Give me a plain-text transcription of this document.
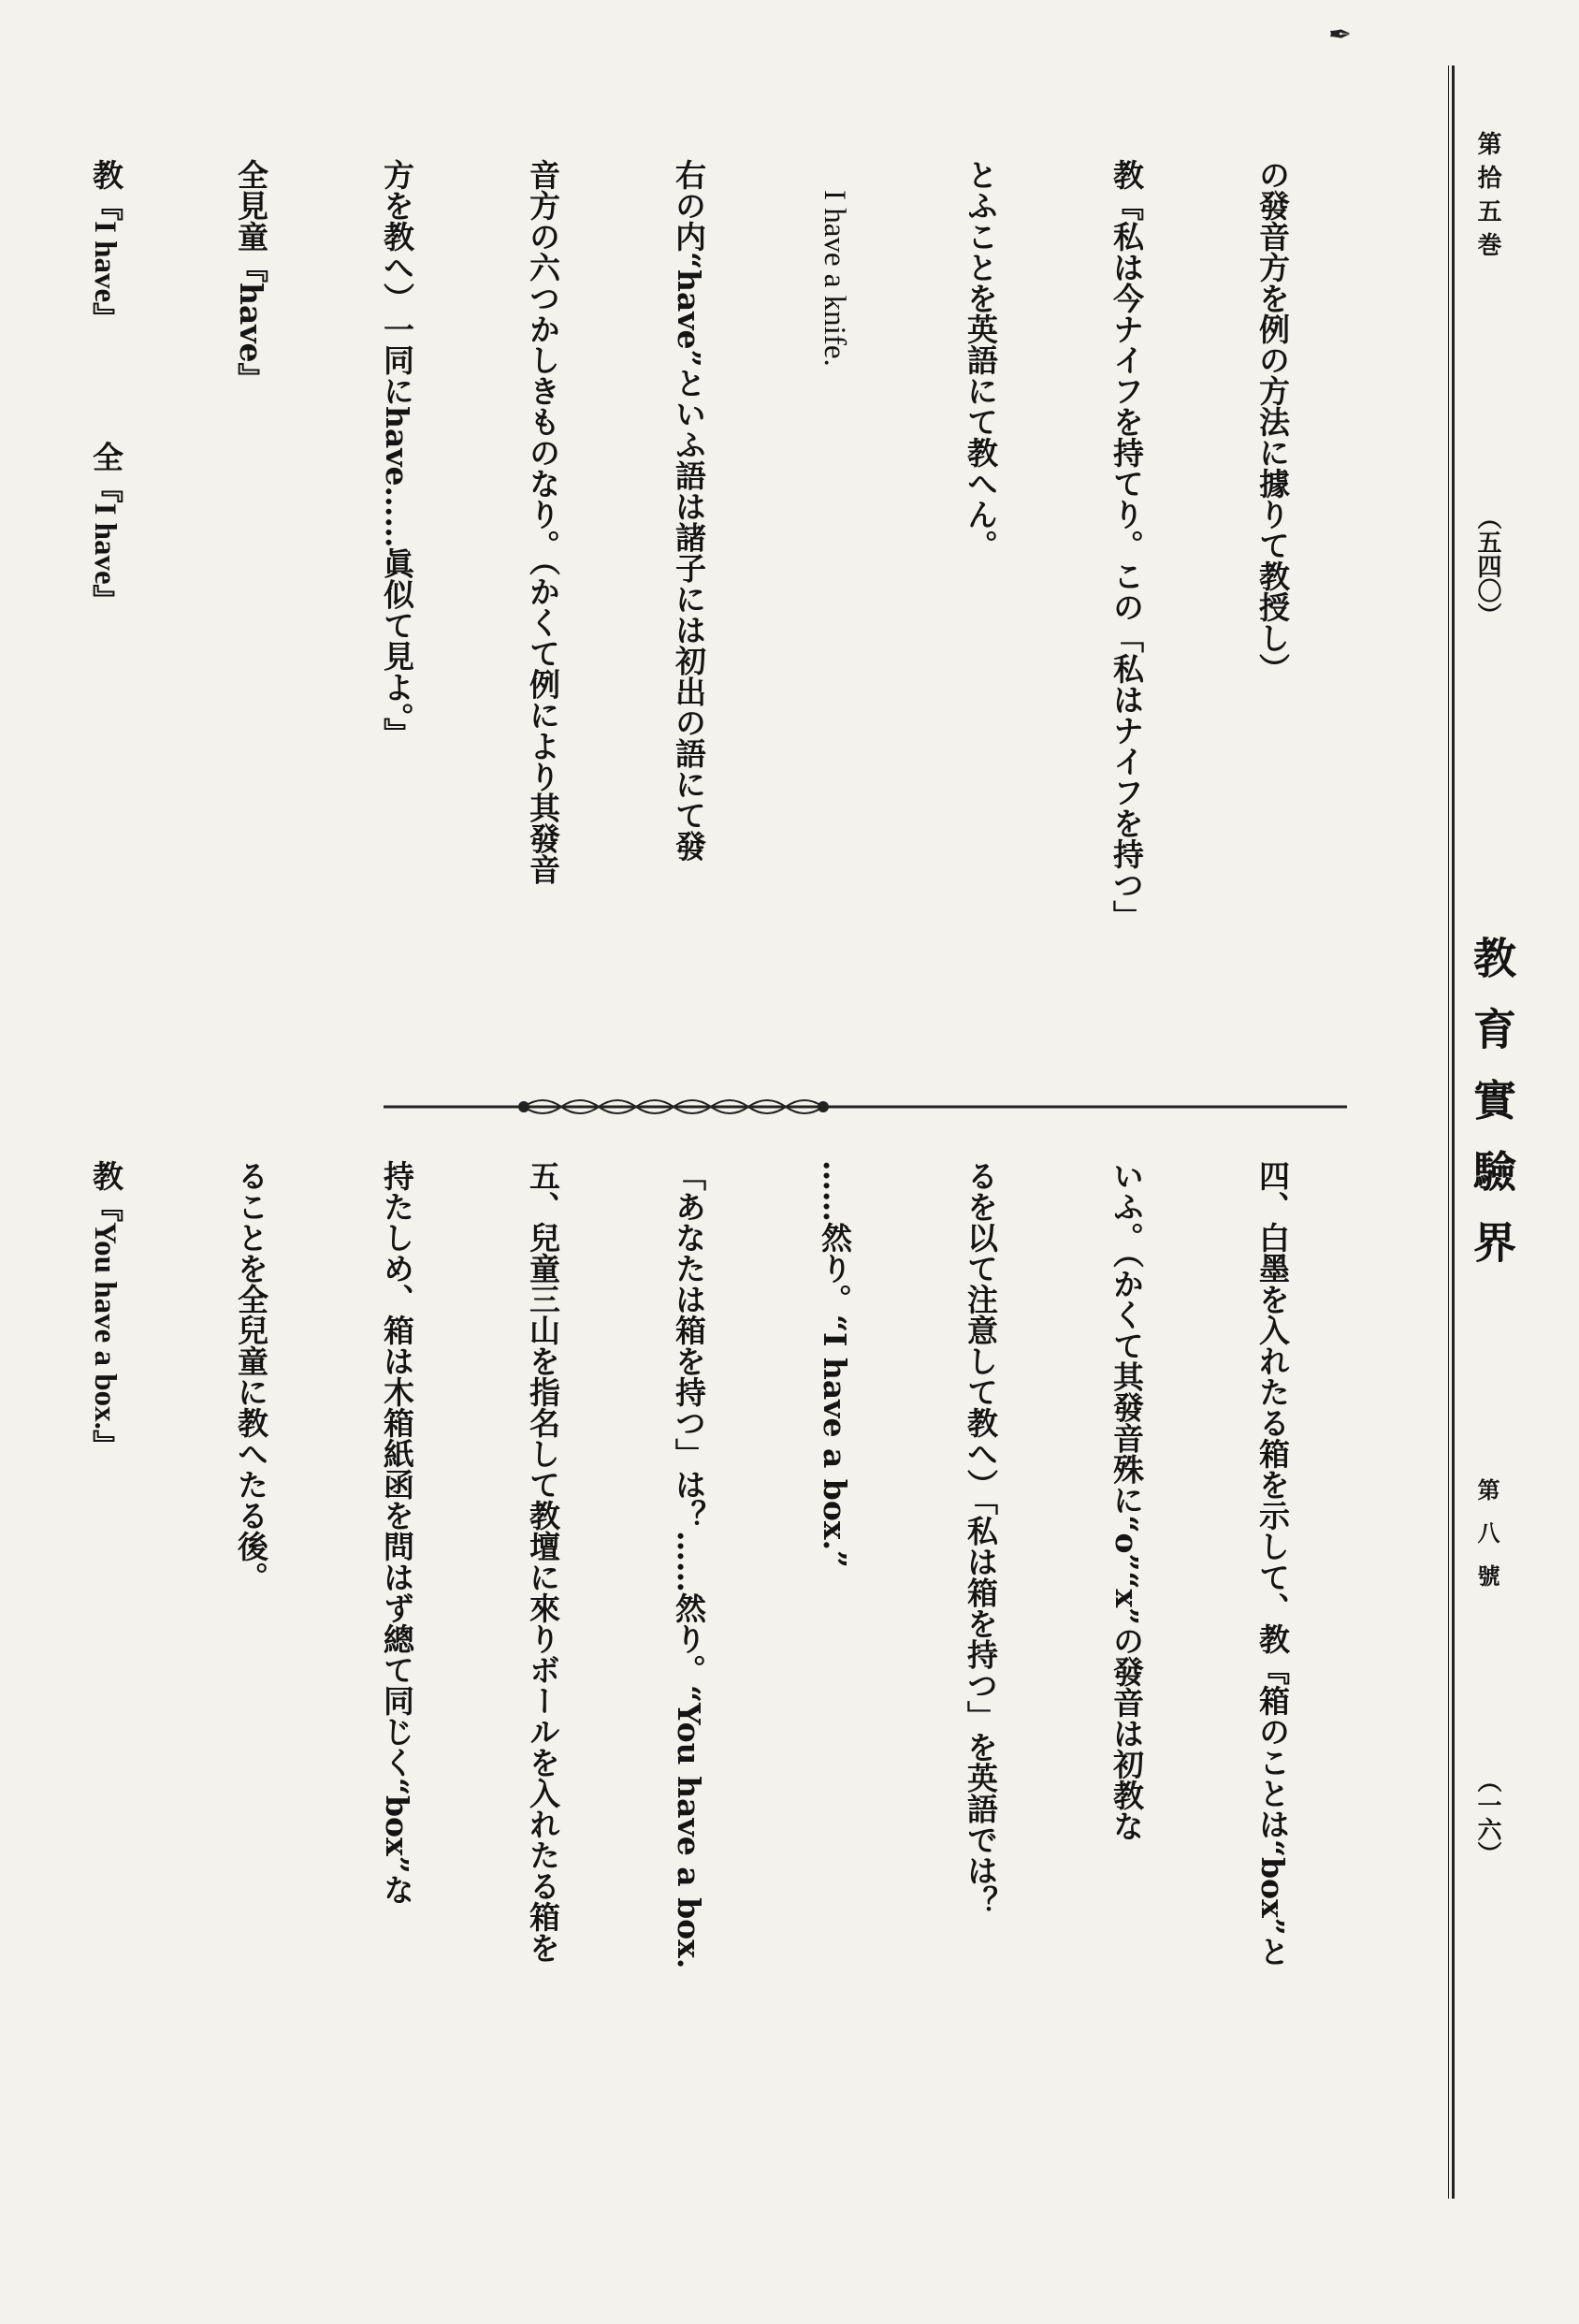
第拾五巻
（五四〇）
教育實驗界
第八號
（一六）

の發音方を例の方法に據りて教授し）

教『私は今ナイフを持てり。この「私はナイフを持つ」

とふことを英語にて教へん。

　I have a knife.

右の内“have”といふ語は諸子には初出の語にて發

音方の六つかしきものなり。（かくて例により其發音

方を教へ）一同にhave……眞似て見よ。』

全見童『have』

教『I have』　　　　全『I have』

四、白墨を入れたる箱を示して、教『箱のことは“box”と

いふ。（かくて其發音殊に“o”“x”の發音は初教な

るを以て注意して教へ）「私は箱を持つ」を英語では？

……然り。“I have a box.”

「あなたは箱を持つ」は？……然り。“You have a box.

五、兒童三山を指名して教壇に來りボールを入れたる箱を

持たしめ、箱は木箱紙函を問はず總て同じく“box”な

ることを全兒童に教へたる後。

教『You have a box.』

✒
